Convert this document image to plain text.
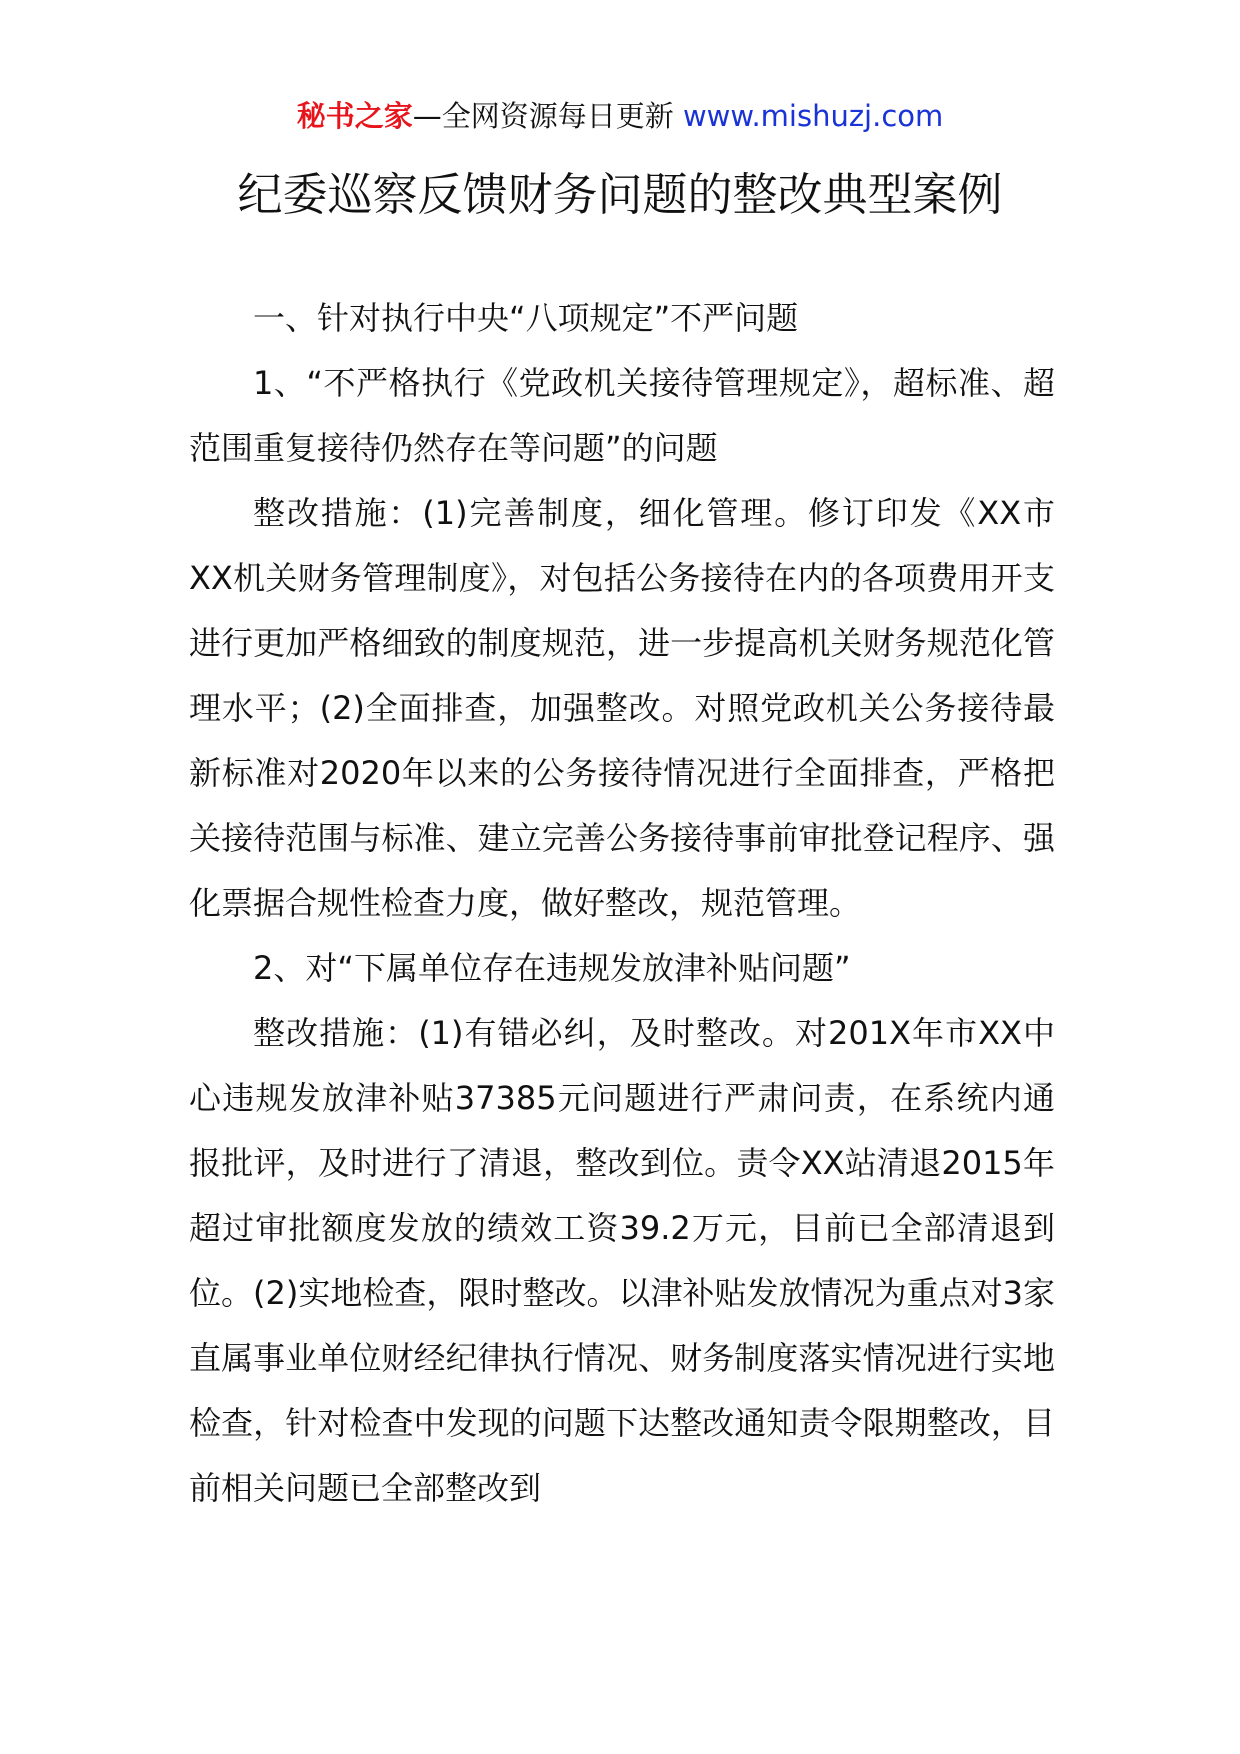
秘书之家—全网资源每日更新 www.mishuzj.com
纪委巡察反馈财务问题的整改典型案例

一、针对执行中央“八项规定”不严问题

1、“不严格执行《党政机关接待管理规定》，超标准、超范围重复接待仍然存在等问题”的问题

整改措施：(1)完善制度，细化管理。修订印发《XX市XX机关财务管理制度》，对包括公务接待在内的各项费用开支进行更加严格细致的制度规范，进一步提高机关财务规范化管理水平；(2)全面排查，加强整改。对照党政机关公务接待最新标准对2020年以来的公务接待情况进行全面排查，严格把关接待范围与标准、建立完善公务接待事前审批登记程序、强化票据合规性检查力度，做好整改，规范管理。

2、对“下属单位存在违规发放津补贴问题”

整改措施：(1)有错必纠，及时整改。对201X年市XX中心违规发放津补贴37385元问题进行严肃问责，在系统内通报批评，及时进行了清退，整改到位。责令XX站清退2015年超过审批额度发放的绩效工资39.2万元，目前已全部清退到位。(2)实地检查，限时整改。以津补贴发放情况为重点对3家直属事业单位财经纪律执行情况、财务制度落实情况进行实地检查，针对检查中发现的问题下达整改通知责令限期整改，目前相关问题已全部整改到
